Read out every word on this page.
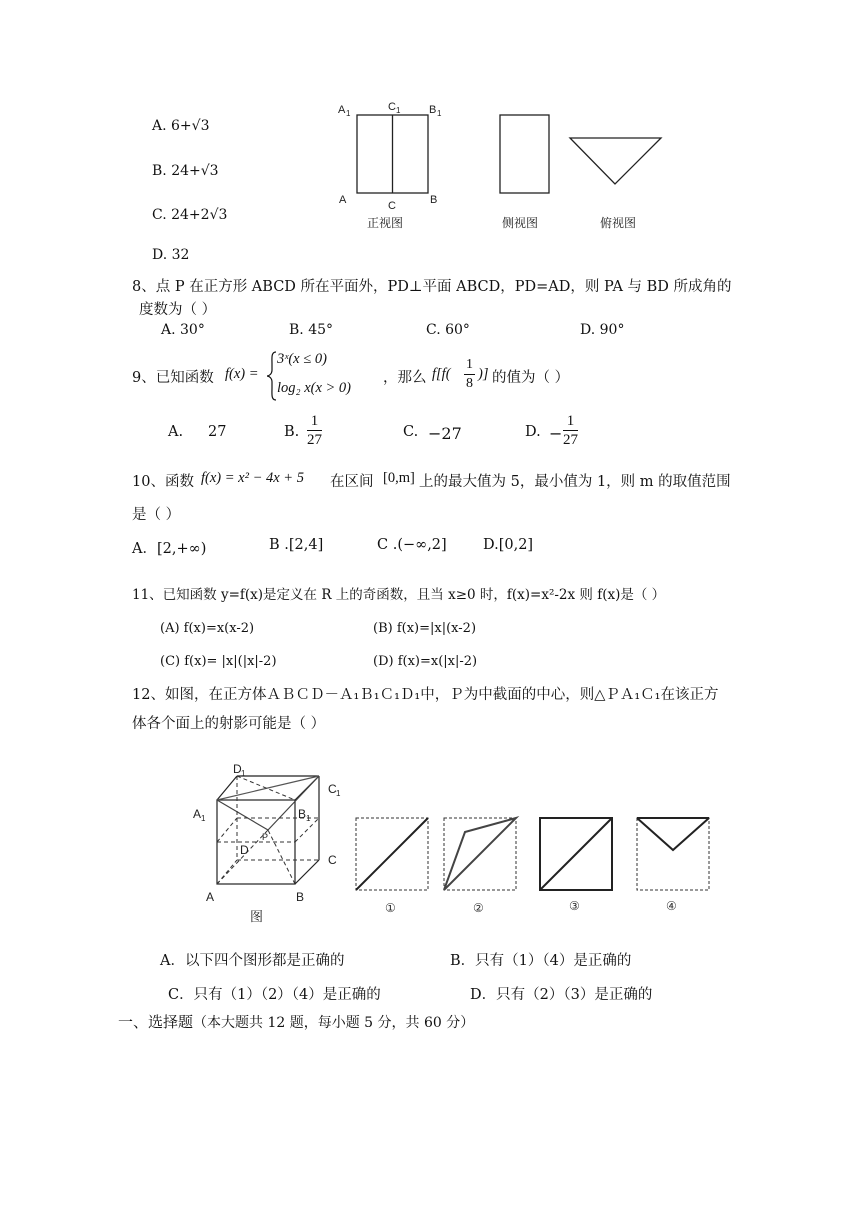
A. 6+√3
B. 24+√3
C. 24+2√3
D. 32
A 1
C 1	B 1
A	C	B
正视图	侧视图	俯视图
8、点 P 在正方形 ABCD 所在平面外，PD⊥平面 ABCD，PD=AD，则 PA 与 BD 所成角的
度数为（ ）
A. 30°	B. 45°	C. 60°	D. 90°
9、已知函数 f(x) =
3ˣ(x ≤ 0)
log₂ x(x > 0)
，那么 $f[f( \frac{1}{8}$ )] 的值为（ ）
A. 27	B. $\frac{1}{27}$	C. −27	D. − $\frac{1}{27}$
10、函数 f(x) = x² − 4x + 5 在区间 [0,m] 上的最大值为 5，最小值为 1，则 m 的取值范围
是（ ）
A．[2,+∞)	B .[2,4]	C .(−∞,2]	D.[0,2]
11、已知函数 y=f(x)是定义在 R 上的奇函数，且当 x≥0 时，f(x)=x²-2x 则 f(x)是（ ）
(A) f(x)=x(x-2)	(B) f(x)=|x|(x-2)
(C) f(x)= |x|(|x|-2)	(D) f(x)=x(|x|-2)
12、如图，在正方体ＡＢＣＤ－Ａ₁Ｂ₁Ｃ₁Ｄ₁中，Ｐ为中截面的中心，则△ＰＡ₁Ｃ₁在该正方
体各个面上的射影可能是（ ）
D 1
C 1
A 1	B 1
P
D
C
A	B
图
①	②	③	④
A．以下四个图形都是正确的	B．只有（1）（4）是正确的
C．只有（1）（2）（4）是正确的	D．只有（2）（3）是正确的
一、选择题（本大题共 12 题，每小题 5 分，共 60 分）
